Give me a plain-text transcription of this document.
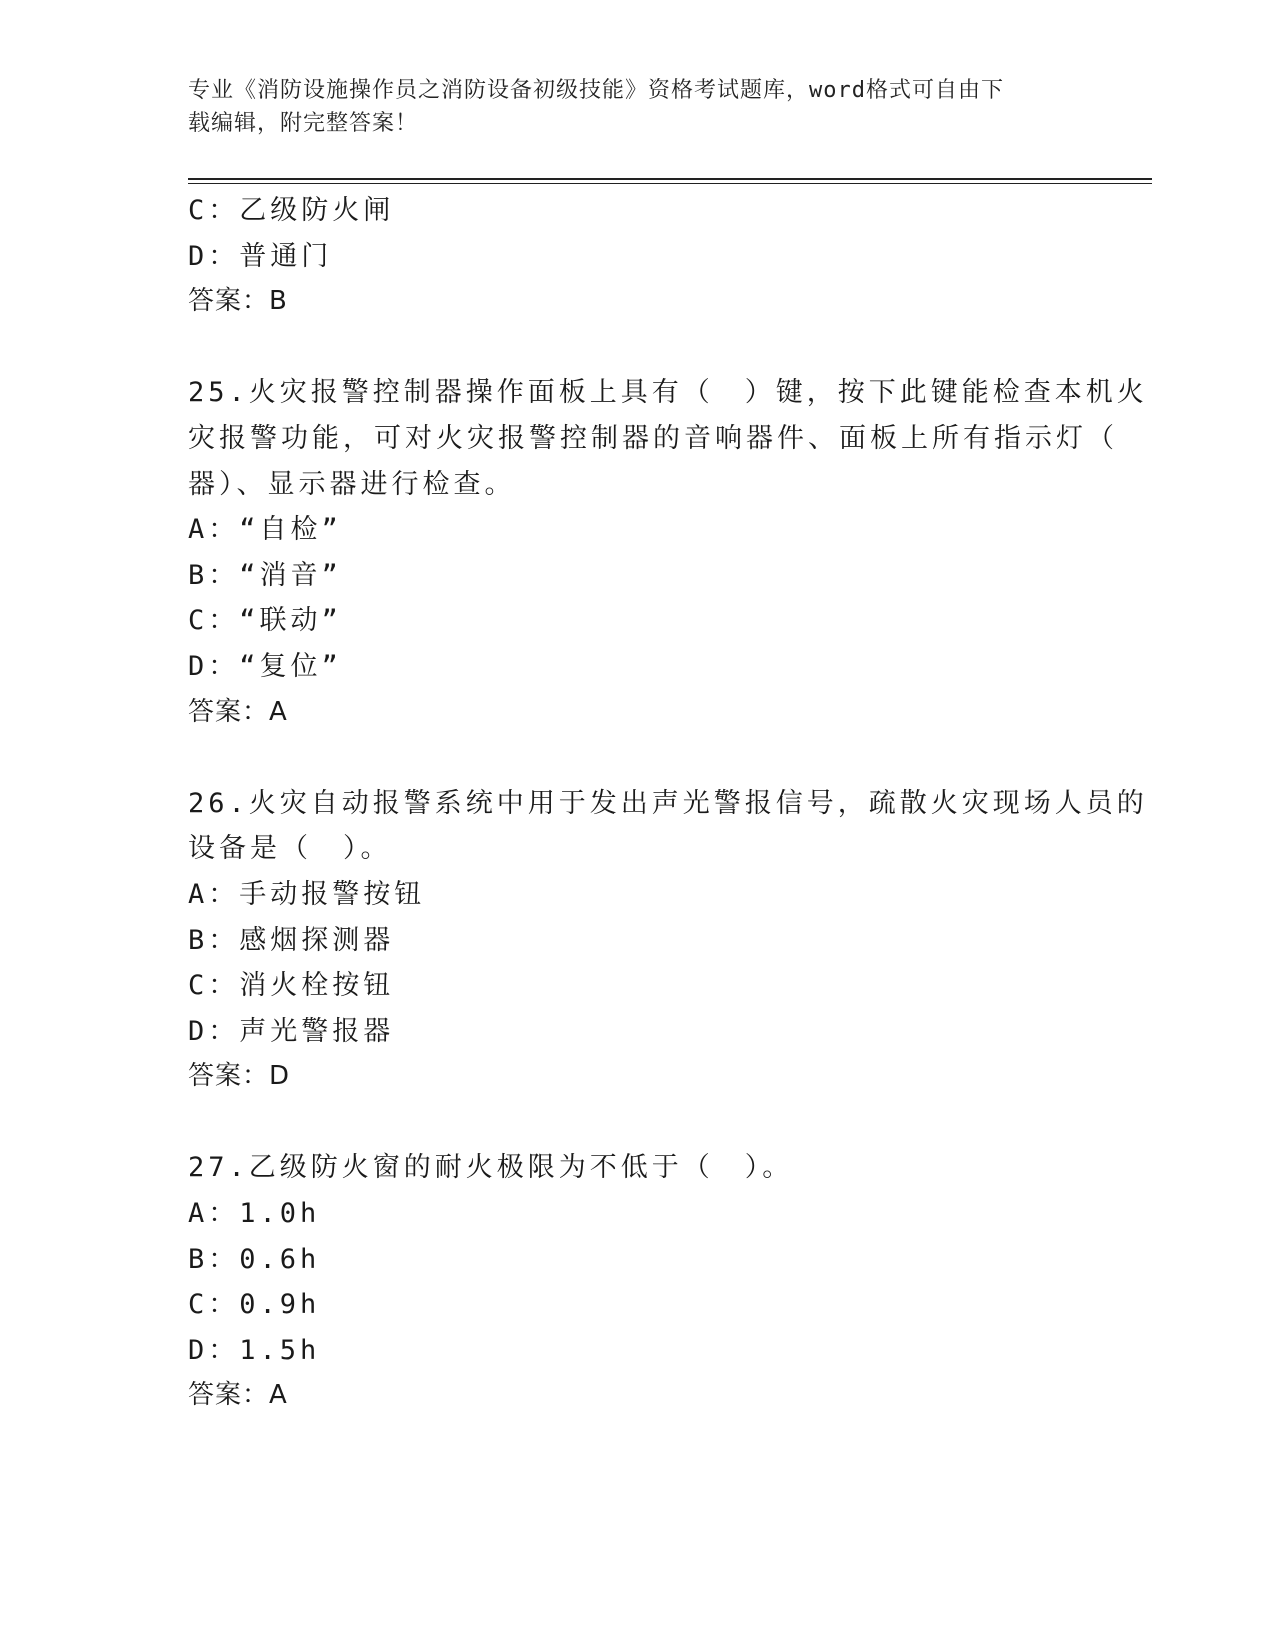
专业《消防设施操作员之消防设备初级技能》资格考试题库，word格式可自由下
载编辑，附完整答案！
C：乙级防火闸
D：普通门
答案：B
25.火灾报警控制器操作面板上具有（　）键，按下此键能检查本机火
灾报警功能，可对火灾报警控制器的音响器件、面板上所有指示灯（
器）、显示器进行检查。
A：“自检”
B：“消音”
C：“联动”
D：“复位”
答案：A
26.火灾自动报警系统中用于发出声光警报信号，疏散火灾现场人员的
设备是（　）。
A：手动报警按钮
B：感烟探测器
C：消火栓按钮
D：声光警报器
答案：D
27.乙级防火窗的耐火极限为不低于（　）。
A：1.0h
B：0.6h
C：0.9h
D：1.5h
答案：A
